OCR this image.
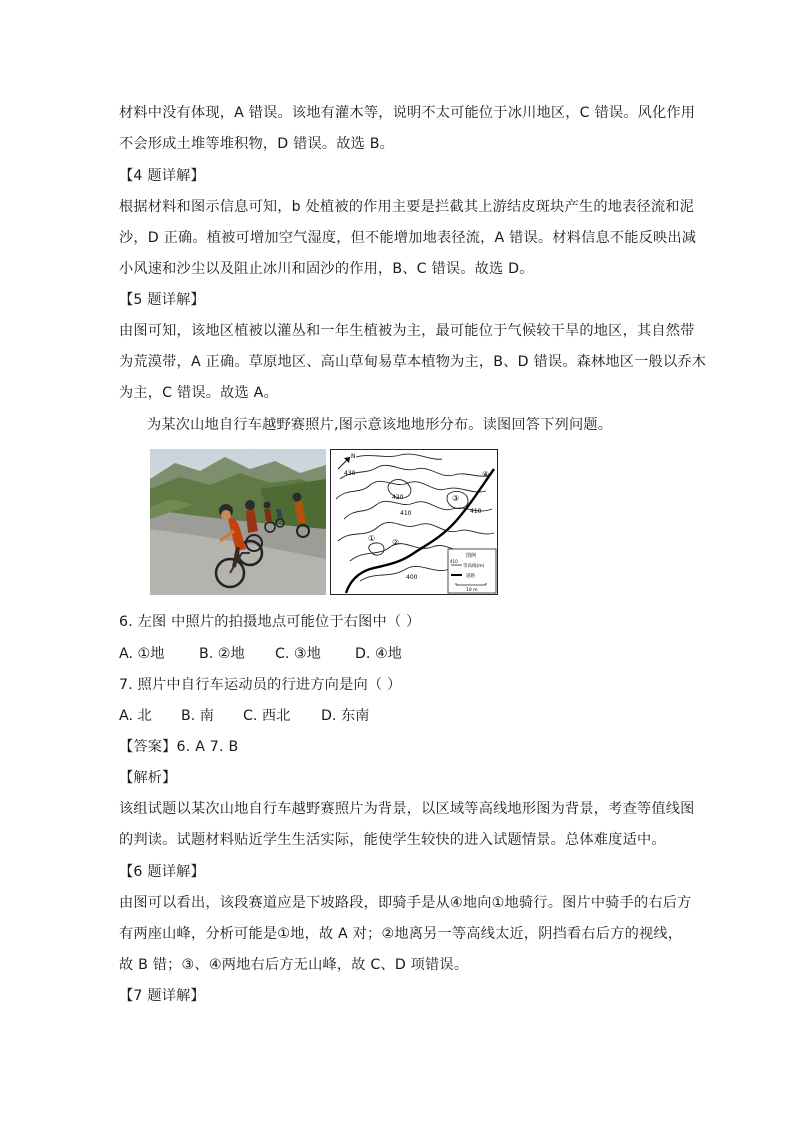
材料中没有体现，A 错误。该地有灌木等，说明不太可能位于冰川地区，C 错误。风化作用
不会形成土堆等堆积物，D 错误。故选 B。
【4 题详解】
根据材料和图示信息可知，b 处植被的作用主要是拦截其上游结皮斑块产生的地表径流和泥
沙，D 正确。植被可增加空气湿度，但不能增加地表径流，A 错误。材料信息不能反映出减
小风速和沙尘以及阻止冰川和固沙的作用，B、C 错误。故选 D。
【5 题详解】
由图可知，该地区植被以灌丛和一年生植被为主，最可能位于气候较干旱的地区，其自然带
为荒漠带，A 正确。草原地区、高山草甸易草本植物为主，B、D 错误。森林地区一般以乔木
为主，C 错误。故选 A。
为某次山地自行车越野赛照片,图示意该地地形分布。读图回答下列问题。
N
430
420
410	410
400
① ②
③
④
图例
410
等高线(m)
道路
10 m
6. 左图 中照片的拍摄地点可能位于右图中（ ）
A. ①地 B. ②地 C. ③地 D. ④地
7. 照片中自行车运动员的行进方向是向（ ）
A. 北 B. 南 C. 西北 D. 东南
【答案】6. A 7. B
【解析】
该组试题以某次山地自行车越野赛照片为背景，以区域等高线地形图为背景，考查等值线图
的判读。试题材料贴近学生生活实际，能使学生较快的进入试题情景。总体难度适中。
【6 题详解】
由图可以看出，该段赛道应是下坡路段，即骑手是从④地向①地骑行。图片中骑手的右后方
有两座山峰，分析可能是①地，故 A 对；②地离另一等高线太近，阴挡看右后方的视线，
故 B 错；③、④两地右后方无山峰，故 C、D 项错误。
【7 题详解】
